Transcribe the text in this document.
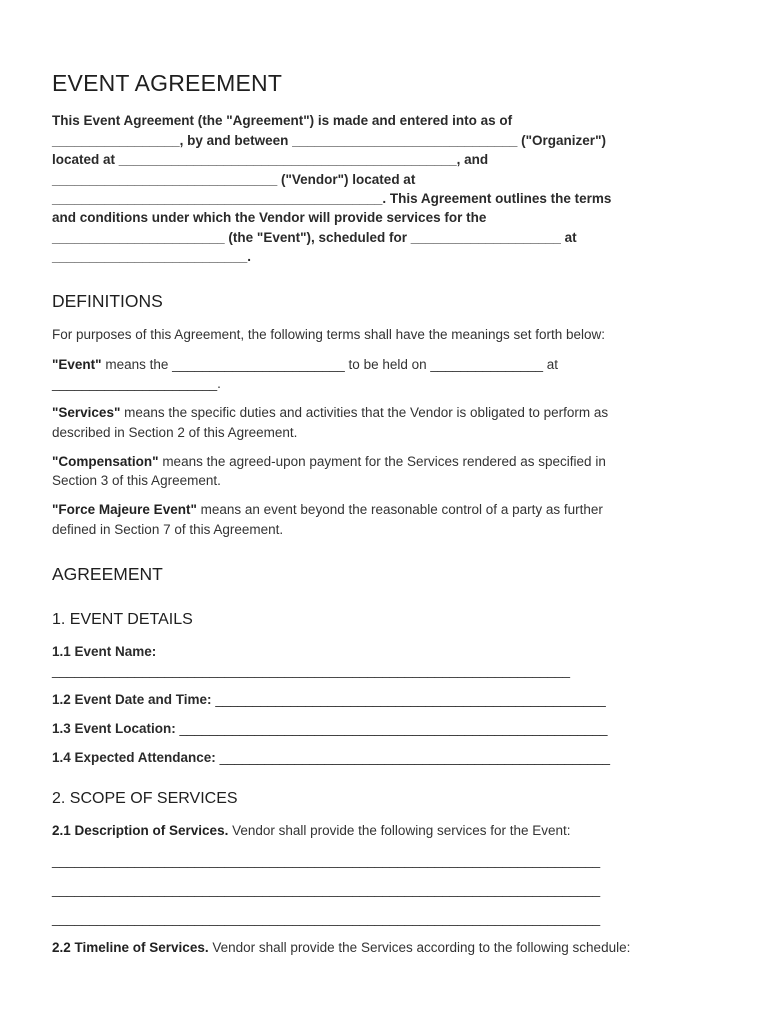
EVENT AGREEMENT
This Event Agreement (the "Agreement") is made and entered into as of
_________________, by and between ______________________________ ("Organizer")
located at _____________________________________________, and
______________________________ ("Vendor") located at
____________________________________________. This Agreement outlines the terms
and conditions under which the Vendor will provide services for the
_______________________ (the "Event"), scheduled for ____________________ at
__________________________.
DEFINITIONS
For purposes of this Agreement, the following terms shall have the meanings set forth below:
"Event" means the _______________________ to be held on _______________ at
______________________.
"Services" means the specific duties and activities that the Vendor is obligated to perform as
described in Section 2 of this Agreement.
"Compensation" means the agreed-upon payment for the Services rendered as specified in
Section 3 of this Agreement.
"Force Majeure Event" means an event beyond the reasonable control of a party as further
defined in Section 7 of this Agreement.
AGREEMENT
1. EVENT DETAILS
1.1 Event Name:
_____________________________________________________________________
1.2 Event Date and Time: ____________________________________________________
1.3 Event Location: _________________________________________________________
1.4 Expected Attendance: ____________________________________________________
2. SCOPE OF SERVICES
2.1 Description of Services. Vendor shall provide the following services for the Event:
_________________________________________________________________________
_________________________________________________________________________
_________________________________________________________________________
2.2 Timeline of Services. Vendor shall provide the Services according to the following schedule:
